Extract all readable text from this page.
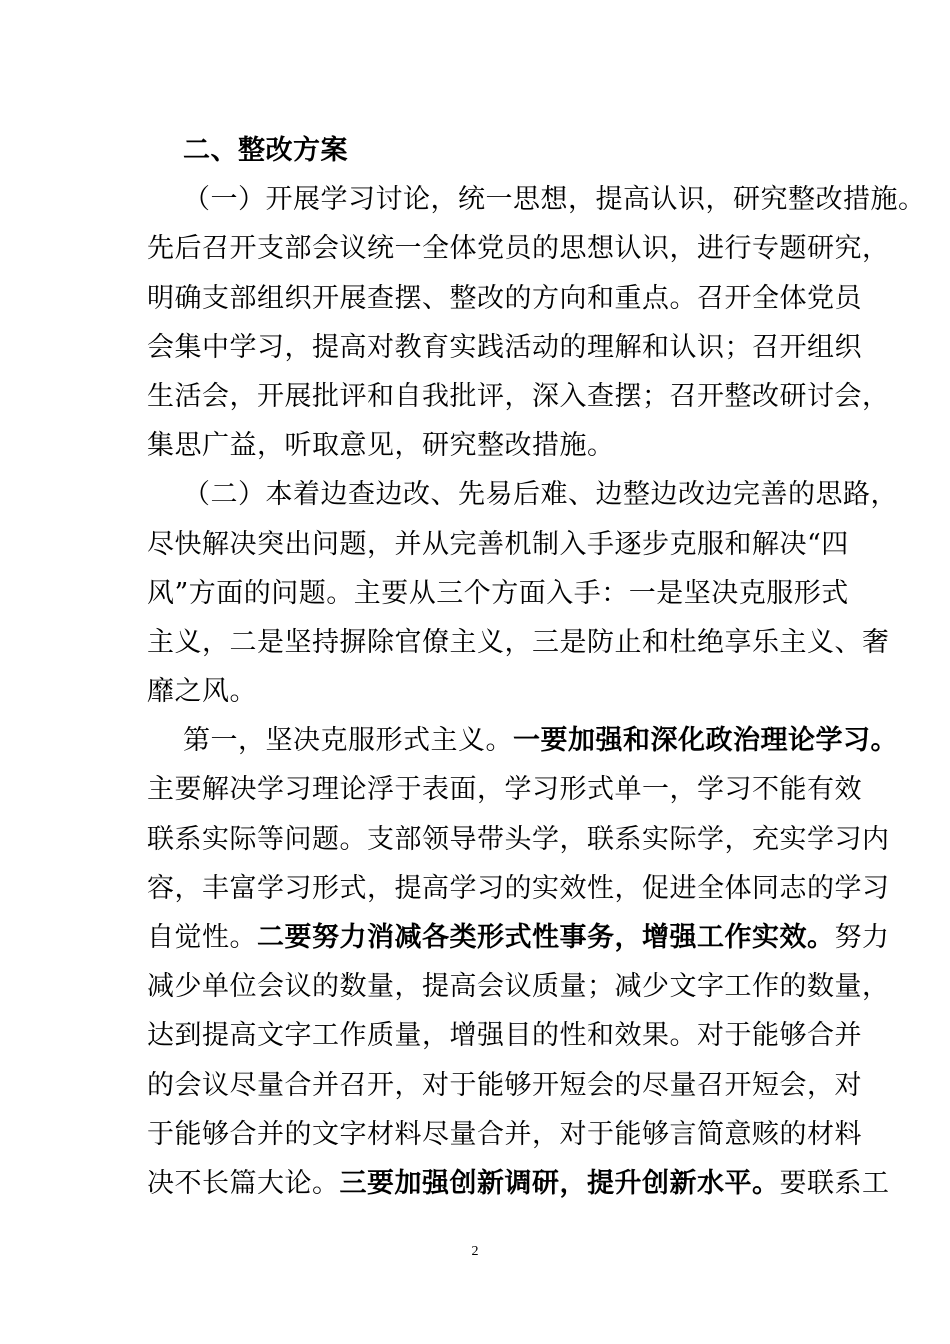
二、整改方案
（一）开展学习讨论，统一思想，提高认识，研究整改措施。
先后召开支部会议统一全体党员的思想认识，进行专题研究，
明确支部组织开展查摆、整改的方向和重点。召开全体党员
会集中学习，提高对教育实践活动的理解和认识；召开组织
生活会，开展批评和自我批评，深入查摆；召开整改研讨会，
集思广益，听取意见，研究整改措施。
（二）本着边查边改、先易后难、边整边改边完善的思路，
尽快解决突出问题，并从完善机制入手逐步克服和解决“四
风”方面的问题。主要从三个方面入手：一是坚决克服形式
主义，二是坚持摒除官僚主义，三是防止和杜绝享乐主义、奢
靡之风。
第一，坚决克服形式主义。一要加强和深化政治理论学习。
主要解决学习理论浮于表面，学习形式单一，学习不能有效
联系实际等问题。支部领导带头学，联系实际学，充实学习内
容，丰富学习形式，提高学习的实效性，促进全体同志的学习
自觉性。二要努力消减各类形式性事务，增强工作实效。努力
减少单位会议的数量，提高会议质量；减少文字工作的数量，
达到提高文字工作质量，增强目的性和效果。对于能够合并
的会议尽量合并召开，对于能够开短会的尽量召开短会，对
于能够合并的文字材料尽量合并，对于能够言简意赅的材料
决不长篇大论。三要加强创新调研，提升创新水平。要联系工
2
